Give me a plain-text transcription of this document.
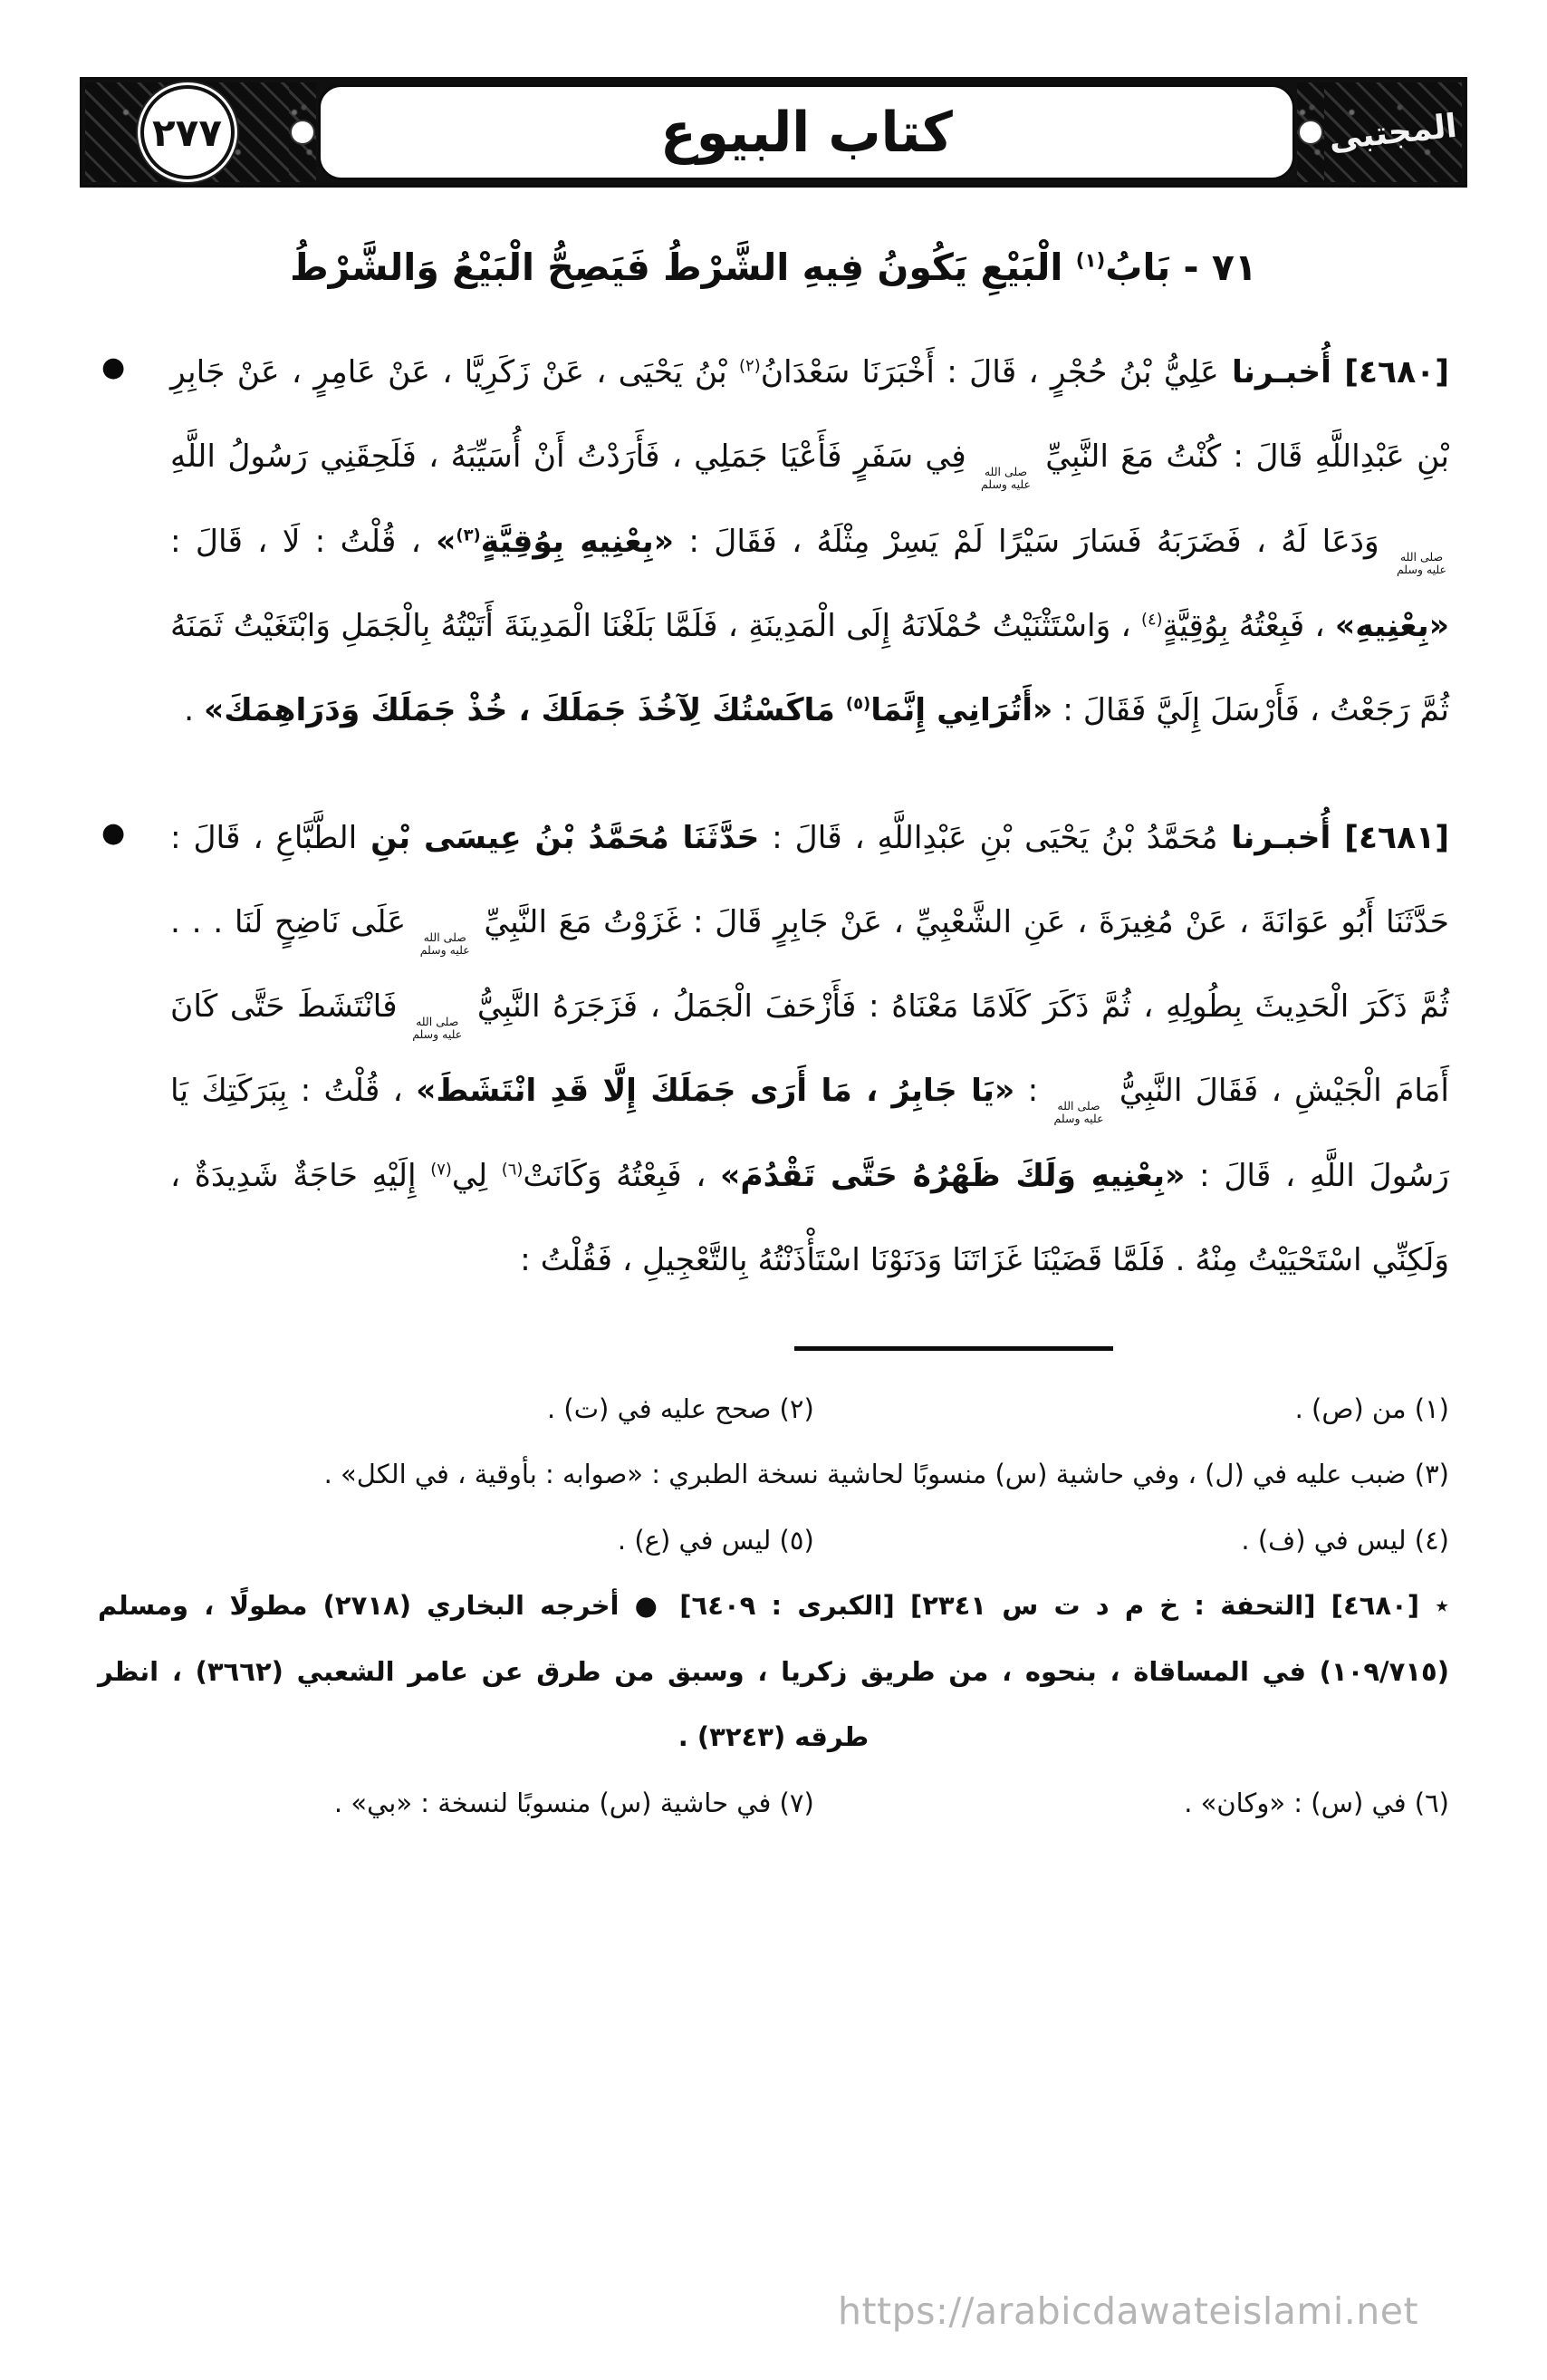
٢٧٧	كتاب البيوع	المجتبى
٧١ - بَابُ$^{(١)}$ الْبَيْعِ يَكُونُ فِيهِ الشَّرْطُ فَيَصِحُّ الْبَيْعُ وَالشَّرْطُ
●	[٤٦٨٠] أُخبـرنا عَلِيُّ بْنُ حُجْرٍ ، قَالَ : أَخْبَرَنَا سَعْدَانُ$^{(٢)}$ بْنُ يَحْيَى ، عَنْ زَكَرِيَّا ، عَنْ عَامِرٍ ، عَنْ جَابِرِ بْنِ عَبْدِاللَّهِ قَالَ : كُنْتُ مَعَ النَّبِيِّ
صلى الله
عليه وسلم
فِي سَفَرٍ فَأَعْيَا جَمَلِي ، فَأَرَدْتُ أَنْ أُسَيِّبَهُ ، فَلَحِقَنِي رَسُولُ اللَّهِ
صلى الله
عليه وسلم
وَدَعَا لَهُ ، فَضَرَبَهُ فَسَارَ سَيْرًا لَمْ يَسِرْ مِثْلَهُ ، فَقَالَ : «بِعْنِيهِ بِوُقِيَّةٍ$^{(٣)}$» ، قُلْتُ : لَا ، قَالَ : «بِعْنِيهِ» ، فَبِعْتُهُ بِوُقِيَّةٍ$^{(٤)}$ ، وَاسْتَثْنَيْتُ حُمْلَانَهُ إِلَى الْمَدِينَةِ ، فَلَمَّا بَلَغْنَا الْمَدِينَةَ أَتَيْتُهُ بِالْجَمَلِ وَابْتَغَيْتُ ثَمَنَهُ ثُمَّ رَجَعْتُ ، فَأَرْسَلَ إِلَيَّ فَقَالَ : «أَتُرَانِي إِنَّمَا$^{(٥)}$ مَاكَسْتُكَ لِآخُذَ جَمَلَكَ ، خُذْ جَمَلَكَ وَدَرَاهِمَكَ» .
●	[٤٦٨١] أُخبـرنا مُحَمَّدُ بْنُ يَحْيَى بْنِ عَبْدِاللَّهِ ، قَالَ : حَدَّثَنَا مُحَمَّدُ بْنُ عِيسَى بْنِ الطَّبَّاعِ ، قَالَ : حَدَّثَنَا أَبُو عَوَانَةَ ، عَنْ مُغِيرَةَ ، عَنِ الشَّعْبِيِّ ، عَنْ جَابِرٍ قَالَ : غَزَوْتُ مَعَ النَّبِيِّ
صلى الله
عليه وسلم
عَلَى نَاضِحٍ لَنَا . . . ثُمَّ ذَكَرَ الْحَدِيثَ بِطُولِهِ ، ثُمَّ ذَكَرَ كَلَامًا مَعْنَاهُ : فَأَزْحَفَ الْجَمَلُ ، فَزَجَرَهُ النَّبِيُّ
صلى الله
عليه وسلم
فَانْتَشَطَ حَتَّى كَانَ أَمَامَ الْجَيْشِ ، فَقَالَ النَّبِيُّ
صلى الله
عليه وسلم
: «يَا جَابِرُ ، مَا أَرَى جَمَلَكَ إِلَّا قَدِ انْتَشَطَ» ، قُلْتُ : بِبَرَكَتِكَ يَا رَسُولَ اللَّهِ ، قَالَ : «بِعْنِيهِ وَلَكَ ظَهْرُهُ حَتَّى تَقْدُمَ» ، فَبِعْتُهُ وَكَانَتْ$^{(٦)}$ لِي$^{(٧)}$ إِلَيْهِ حَاجَةٌ شَدِيدَةٌ ، وَلَكِنِّي اسْتَحْيَيْتُ مِنْهُ . فَلَمَّا قَضَيْنَا غَزَاتَنَا وَدَنَوْنَا اسْتَأْذَنْتُهُ بِالتَّعْجِيلِ ، فَقُلْتُ :
(١) من (ص) .
(٢) صحح عليه في (ت) .
(٣) ضبب عليه في (ل) ، وفي حاشية (س) منسوبًا لحاشية نسخة الطبري : «صوابه : بأوقية ، في الكل» .
(٤) ليس في (ف) .
(٥) ليس في (ع) .
٭ [٤٦٨٠] [التحفة : خ م د ت س ٢٣٤١] [الكبرى : ٦٤٠٩] ● أخرجه البخاري (٢٧١٨) مطولًا ، ومسلم (١٠٩/٧١٥) في المساقاة ، بنحوه ، من طريق زكريا ، وسبق من طرق عن عامر الشعبي (٣٦٦٢) ، انظر طرقه (٣٢٤٣) .
(٦) في (س) : «وكان» .
(٧) في حاشية (س) منسوبًا لنسخة : «بي» .
https://arabicdawateislami.net
